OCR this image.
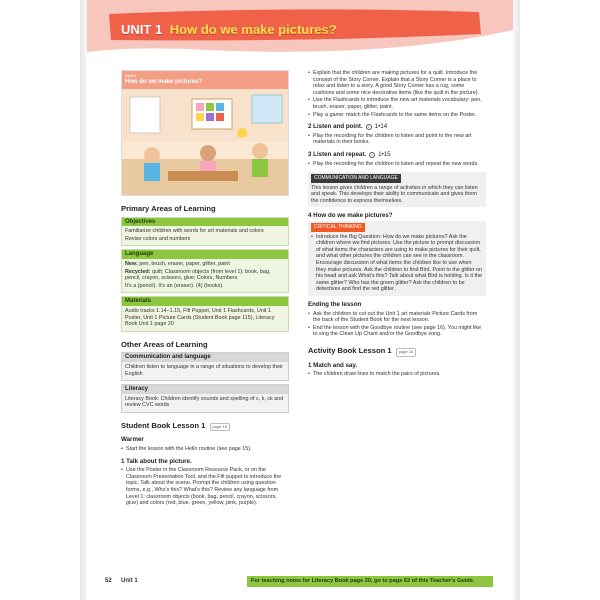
UNIT 1 How do we make pictures?
Unit 1
How do we make pictures?
Primary Areas of Learning
Objectives

Familiarize children with words for art materials and colors

Revise colors and numbers

Language

New: pen, brush, eraser, paper, glitter, paint

Recycled: quilt; Classroom objects (from level 1): book, bag, pencil, crayon, scissors, glue; Colors, Numbers

It's a (pencil). It's an (eraser). (4) (books).

Materials

Audio tracks 1.14–1.15, Fifi Puppet, Unit 1 Flashcards, Unit 1 Poster, Unit 1 Picture Cards (Student Book page 115), Literacy Book Unit 1 page 20

Other Areas of Learning
Communication and language

Children listen to language in a range of situations to develop their English

Literacy

Literacy Book: Children identify sounds and spelling of c, k, ck and review CVC words

Student Book Lesson 1 page 18
Warmer
• Start the lesson with the Hello routine (see page 15).
1 Talk about the picture.
• Use the Poster in the Classroom Resource Pack, or on the Classroom Presentation Tool, and the Fifi puppet to introduce the topic. Talk about the scene. Prompt the children using question forms, e.g., Who's this? What's this? Review any language from Level 1: classroom objects (book, bag, pencil, crayon, scissors, glue) and colors (red, blue, green, yellow, pink, purple).
• Explain that the children are making pictures for a quilt. Introduce the concept of the Story Corner. Explain that a Story Corner is a place to relax and listen to a story. A good Story Corner has a rug, some cushions and some nice decorative items (like the quilt in the picture).
• Use the Flashcards to introduce the new art materials vocabulary: pen, brush, eraser, paper, glitter, paint.
• Play a game: match the Flashcards to the same items on the Poster.
2 Listen and point.	♪ 1•14
• Play the recording for the children to listen and point to the new art materials in their books.
3 Listen and repeat.	♪ 1•15
• Play the recording for the children to listen and repeat the new words.
COMMUNICATION AND LANGUAGE

This lesson gives children a range of activities in which they can listen and speak. This develops their ability to communicate and gives them the confidence to express themselves.

4 How do we make pictures?
CRITICAL THINKING
• Introduce the Big Question: How do we make pictures? Ask the children where we find pictures. Use the picture to prompt discussion of what items the characters are using to make pictures for their quilt, and what other pictures the children can see in the classroom. Encourage discussion of what items the children like to use when they make pictures. Ask the children to find Bird. Point to the glitter on his head and ask What's this? Talk about what Bird is holding. Is it the same glitter? Who has the green glitter? Ask the children to be detectives and find the red glitter.
Ending the lesson
• Ask the children to cut out the Unit 1 art materials Picture Cards from the back of the Student Book for the next lesson.
• End the lesson with the Goodbye routine (see page 16). You might like to sing the Clean Up Chant and/or the Goodbye song.
Activity Book Lesson 1 page 16
1 Match and say.
• The children draw lines to match the pairs of pictures.
52 Unit 1	For teaching notes for Literacy Book page 20, go to page 62 of this Teacher's Guide.
